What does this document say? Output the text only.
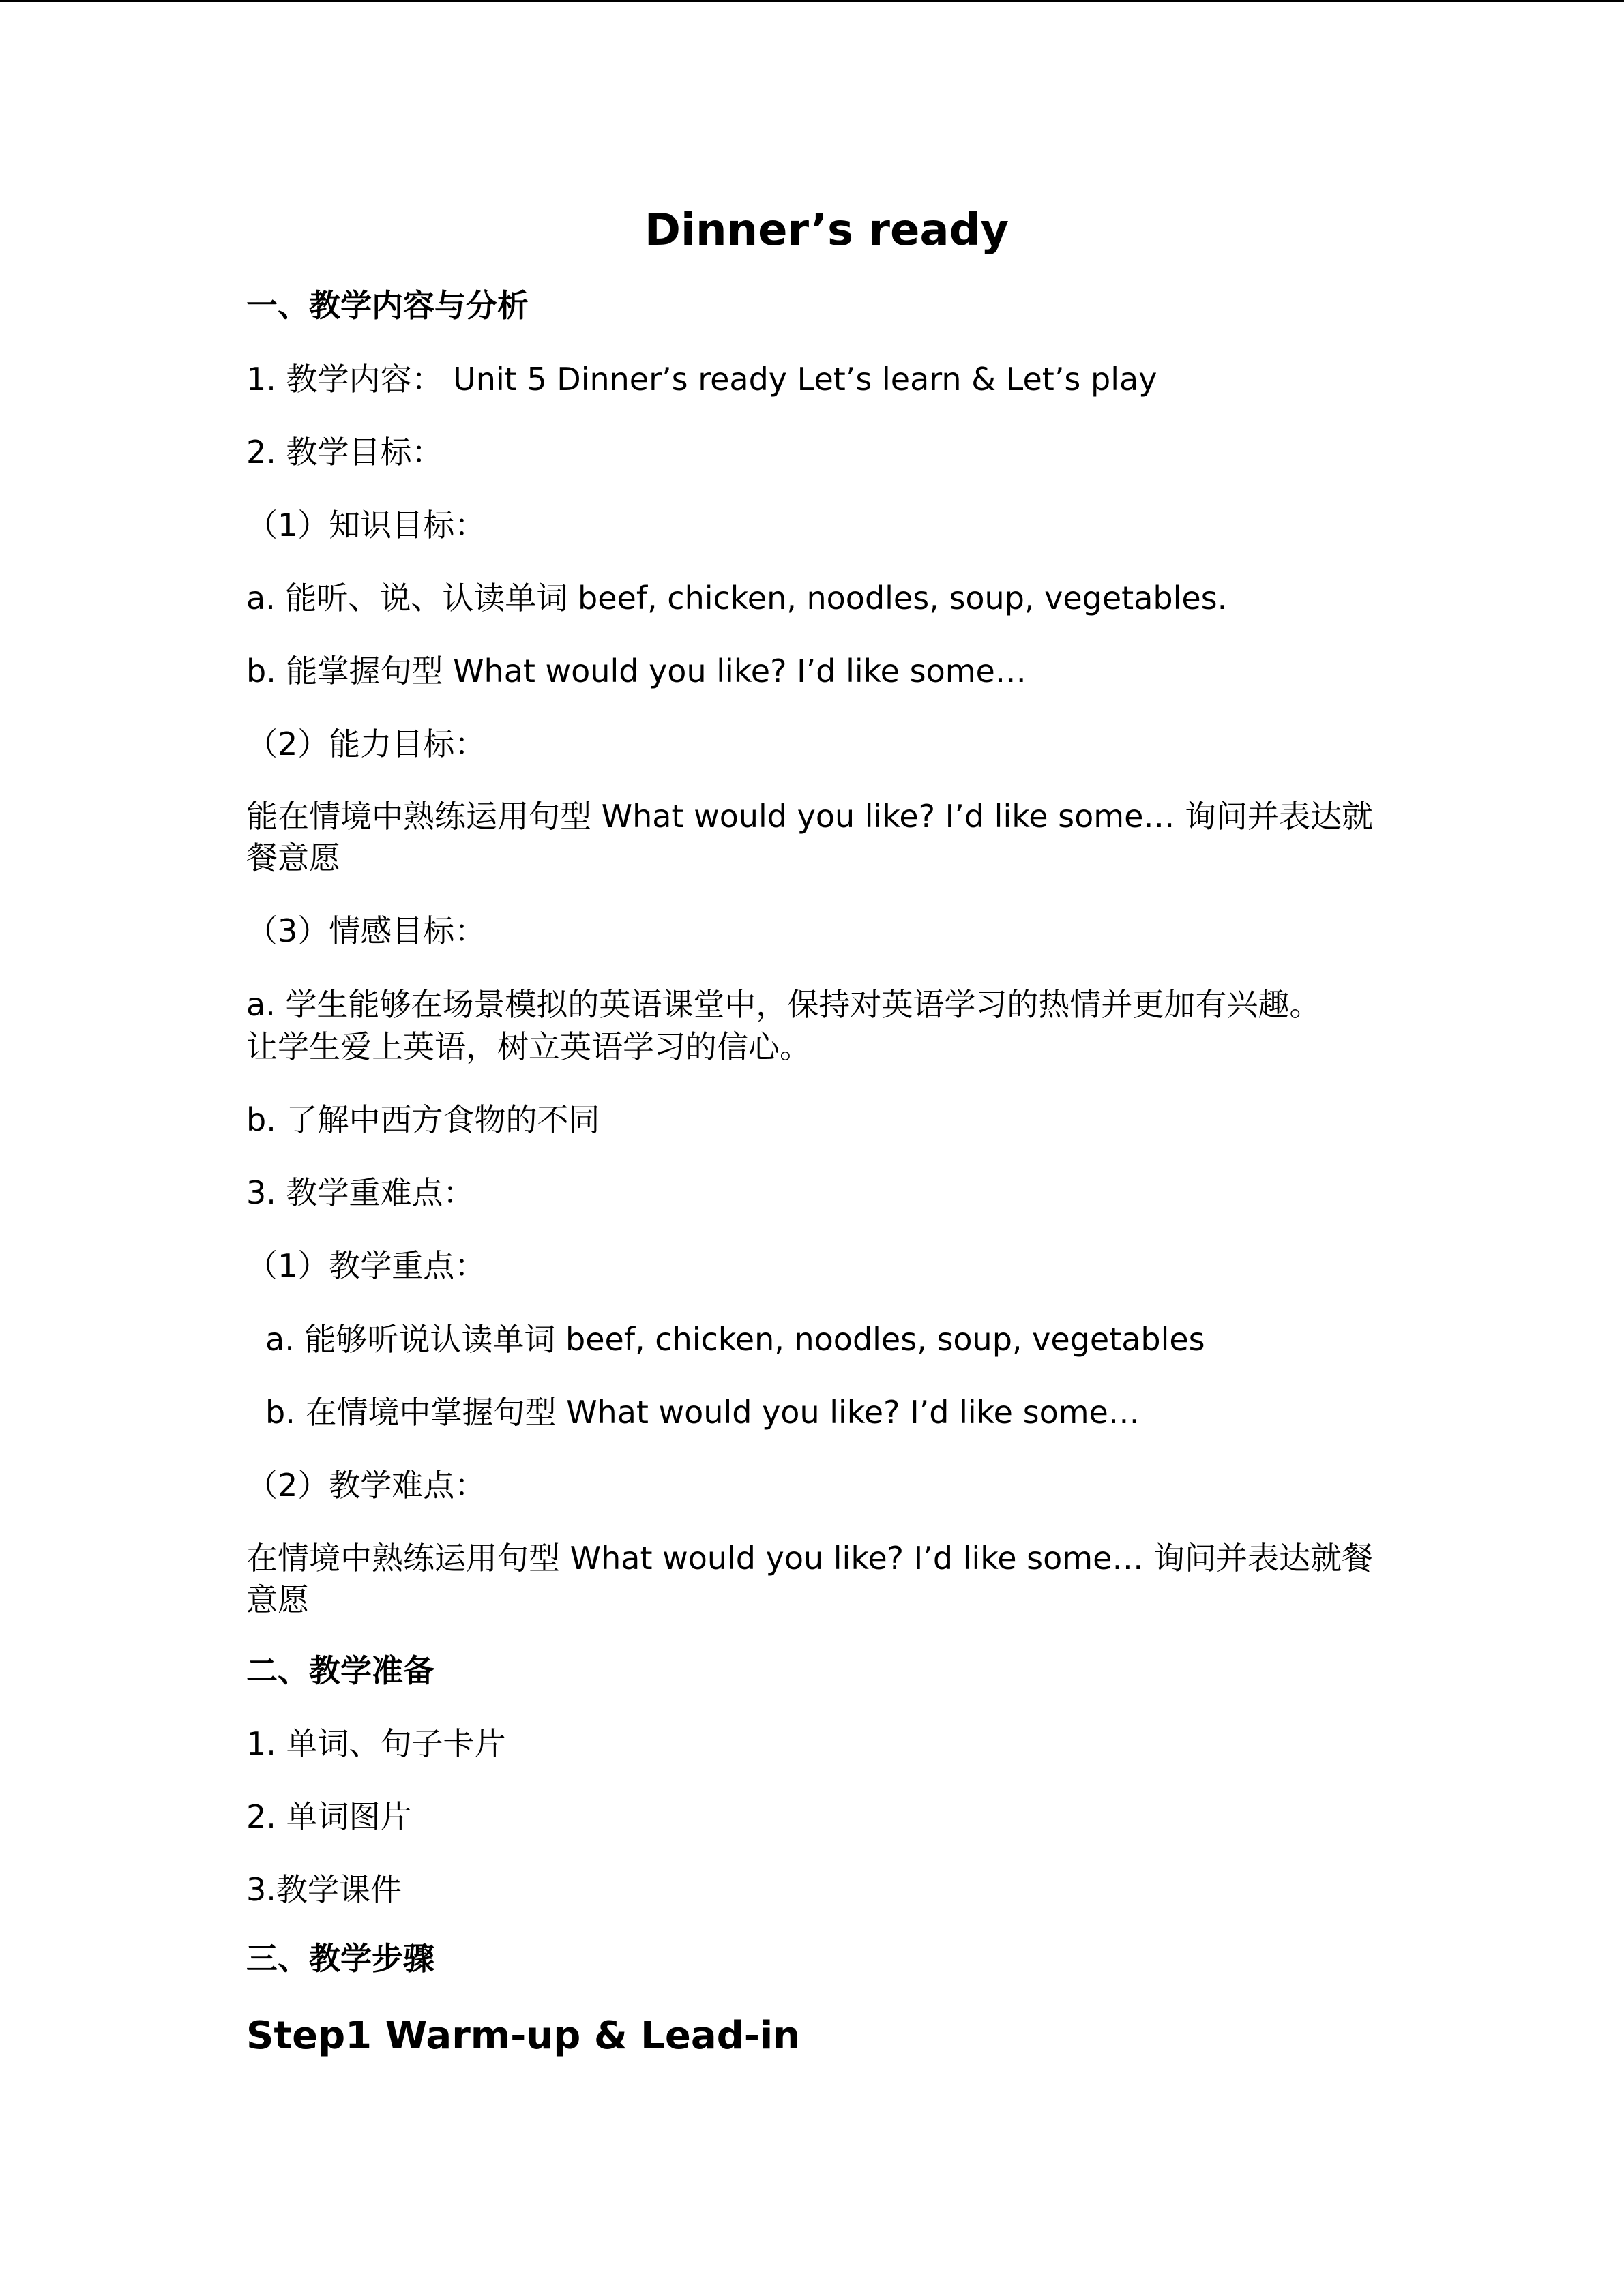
Dinner’s ready
一、教学内容与分析
1. 教学内容： Unit 5 Dinner’s ready Let’s learn & Let’s play
2. 教学目标：
（1）知识目标：
a. 能听、说、认读单词 beef, chicken, noodles, soup, vegetables.
b. 能掌握句型 What would you like? I’d like some…
（2）能力目标：
能在情境中熟练运用句型 What would you like? I’d like some… 询问并表达就
餐意愿
（3）情感目标：
a. 学生能够在场景模拟的英语课堂中，保持对英语学习的热情并更加有兴趣。
让学生爱上英语，树立英语学习的信心。
b. 了解中西方食物的不同
3. 教学重难点：
（1）教学重点：
a. 能够听说认读单词 beef, chicken, noodles, soup, vegetables
b. 在情境中掌握句型 What would you like? I’d like some…
（2）教学难点：
在情境中熟练运用句型 What would you like? I’d like some… 询问并表达就餐
意愿
二、教学准备
1. 单词、句子卡片
2. 单词图片
3.教学课件
三、教学步骤
Step1 Warm-up & Lead-in
